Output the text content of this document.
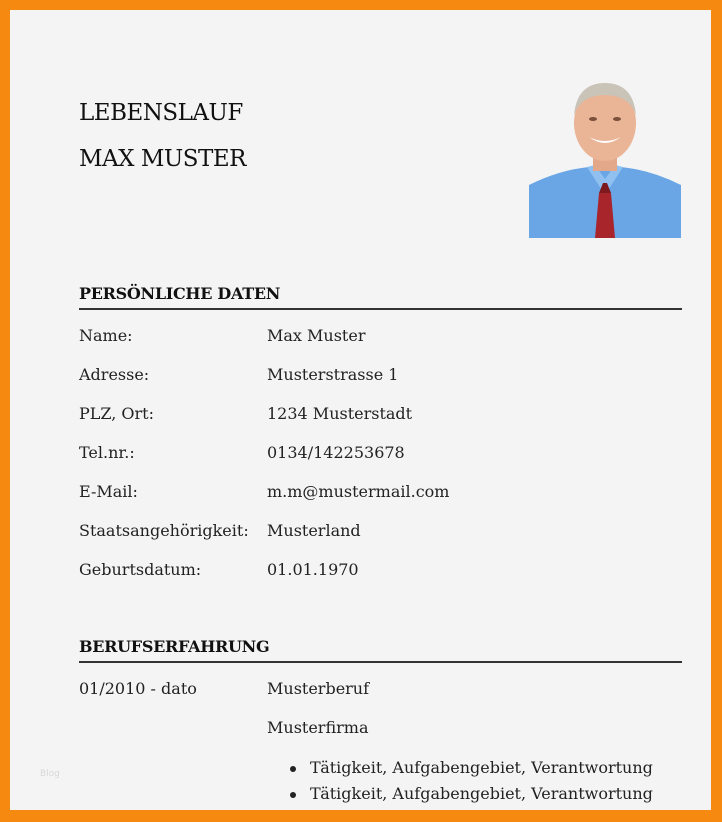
LEBENSLAUF
MAX MUSTER
PERSÖNLICHE DATEN
Name:	Max Muster
Adresse:	Musterstrasse 1
PLZ, Ort:	1234 Musterstadt
Tel.nr.:	0134/142253678
E-Mail:	m.m@mustermail.com
Staatsangehörigkeit: Musterland
Geburtsdatum:	01.01.1970
BERUFSERFAHRUNG
01/2010 - dato	Musterberuf
Musterfirma
Tätigkeit, Aufgabengebiet, Verantwortung
Tätigkeit, Aufgabengebiet, Verantwortung
Blog
